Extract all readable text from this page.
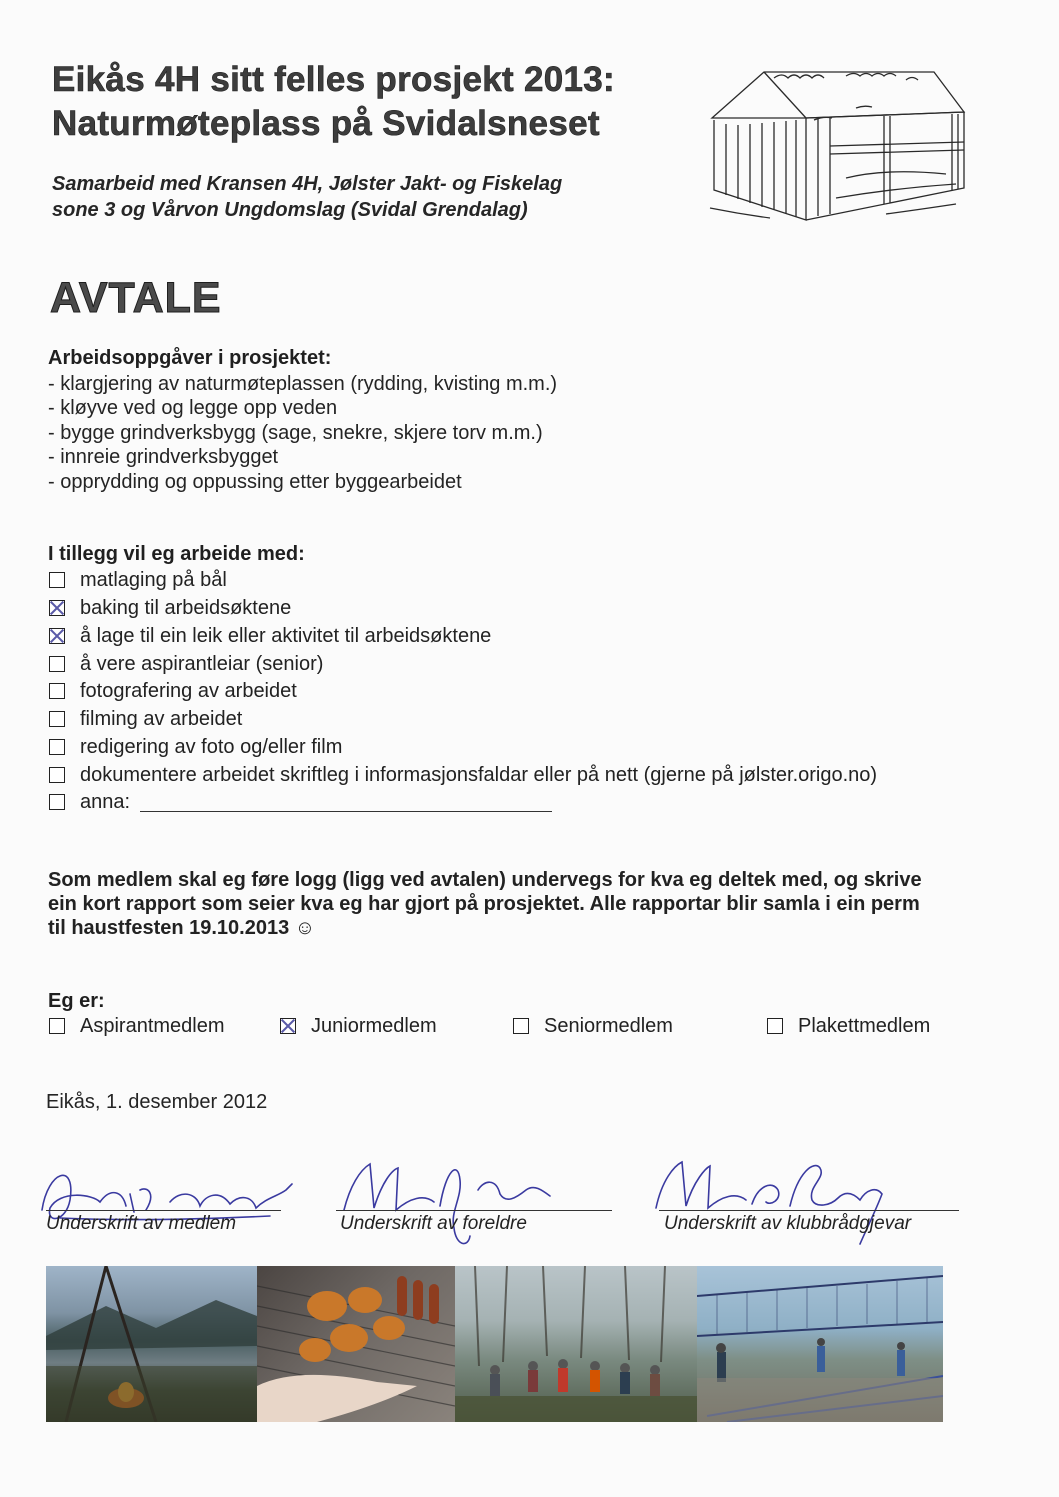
Eikås 4H sitt felles prosjekt 2013:
Naturmøteplass på Svidalsneset
Samarbeid med Kransen 4H, Jølster Jakt- og Fiskelag
sone 3 og Vårvon Ungdomslag (Svidal Grendalag)
AVTALE
Arbeidsoppgåver i prosjektet:
- klargjering av naturmøteplassen (rydding, kvisting m.m.)
- kløyve ved og legge opp veden
- bygge grindverksbygg (sage, snekre, skjere torv m.m.)
- innreie grindverksbygget
- opprydding og oppussing etter byggearbeidet
I tillegg vil eg arbeide med:
matlaging på bål
baking til arbeidsøktene
å lage til ein leik eller aktivitet til arbeidsøktene
å vere aspirantleiar (senior)
fotografering av arbeidet
filming av arbeidet
redigering av foto og/eller film
dokumentere arbeidet skriftleg i informasjonsfaldar eller på nett (gjerne på jølster.origo.no)
anna:
Som medlem skal eg føre logg (ligg ved avtalen) undervegs for kva eg deltek med, og skrive
ein kort rapport som seier kva eg har gjort på prosjektet. Alle rapportar blir samla i ein perm
til haustfesten 19.10.2013 ☺
Eg er:
Aspirantmedlem	Juniormedlem	Seniormedlem	Plakettmedlem
Eikås, 1. desember 2012
Underskrift av medlem	Underskrift av foreldre	Underskrift av klubbrådgjevar
